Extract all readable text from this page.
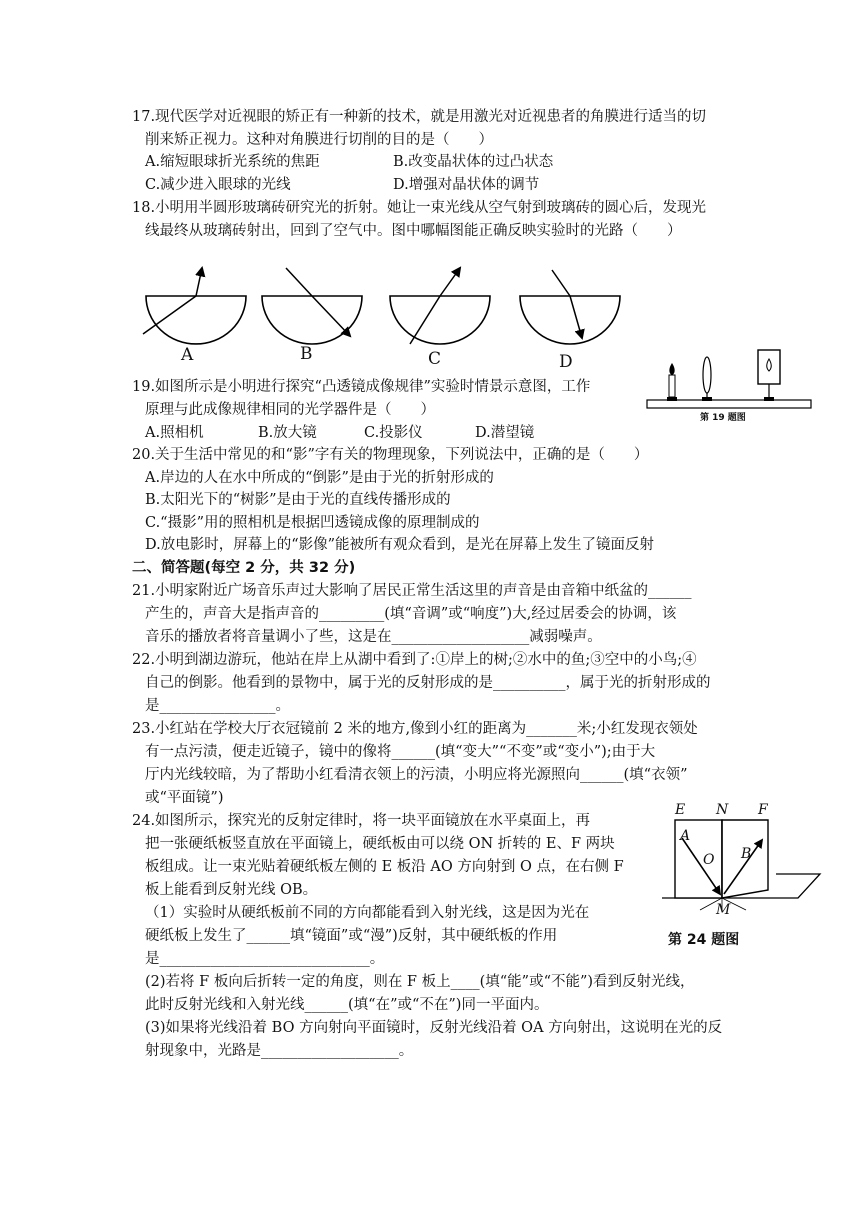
17.现代医学对近视眼的矫正有一种新的技术，就是用激光对近视患者的角膜进行适当的切
削来矫正视力。这种对角膜进行切削的目的是（　　）
A.缩短眼球折光系统的焦距	B.改变晶状体的过凸状态
C.减少进入眼球的光线	D.增强对晶状体的调节
18.小明用半圆形玻璃砖研究光的折射。她让一束光线从空气射到玻璃砖的圆心后，发现光
线最终从玻璃砖射出，回到了空气中。图中哪幅图能正确反映实验时的光路（　　）
A	B	C	D
第 19 题图
19.如图所示是小明进行探究“凸透镜成像规律”实验时情景示意图，工作
原理与此成像规律相同的光学器件是（　　）
A.照相机	B.放大镜	C.投影仪	D.潜望镜
20.关于生活中常见的和“影”字有关的物理现象，下列说法中，正确的是（　　）
A.岸边的人在水中所成的“倒影”是由于光的折射形成的
B.太阳光下的“树影”是由于光的直线传播形成的
C.“摄影”用的照相机是根据凹透镜成像的原理制成的
D.放电影时，屏幕上的“影像”能被所有观众看到，是光在屏幕上发生了镜面反射
二、简答题(每空 2 分，共 32 分)
21.小明家附近广场音乐声过大影响了居民正常生活这里的声音是由音箱中纸盆的______
产生的，声音大是指声音的_________(填“音调”或“响度”)大,经过居委会的协调，该
音乐的播放者将音量调小了些，这是在___________________减弱噪声。
22.小明到湖边游玩，他站在岸上从湖中看到了:①岸上的树;②水中的鱼;③空中的小鸟;④
自己的倒影。他看到的景物中，属于光的反射形成的是__________，属于光的折射形成的
是________________。
23.小红站在学校大厅衣冠镜前 2 米的地方,像到小红的距离为_______米;小红发现衣领处
有一点污渍，便走近镜子，镜中的像将______(填“变大”“不变”或“变小”);由于大
厅内光线较暗，为了帮助小红看清衣领上的污渍，小明应将光源照向______(填“衣领”
或“平面镜”)
24.如图所示，探究光的反射定律时，将一块平面镜放在水平桌面上，再
把一张硬纸板竖直放在平面镜上，硬纸板由可以绕 ON 折转的 E、F 两块
板组成。让一束光贴着硬纸板左侧的 E 板沿 AO 方向射到 O 点，在右侧 F
板上能看到反射光线 OB。
（1）实验时从硬纸板前不同的方向都能看到入射光线，这是因为光在
硬纸板上发生了______填“镜面”或“漫”)反射，其中硬纸板的作用
是_____________________________。
(2)若将 F 板向后折转一定的角度，则在 F 板上____(填“能”或“不能”)看到反射光线，
此时反射光线和入射光线______(填“在”或“不在”)同一平面内。
(3)如果将光线沿着 BO 方向射向平面镜时，反射光线沿着 OA 方向射出，这说明在光的反
射现象中，光路是___________________。
E N F
A
O B
M
第 24 题图
